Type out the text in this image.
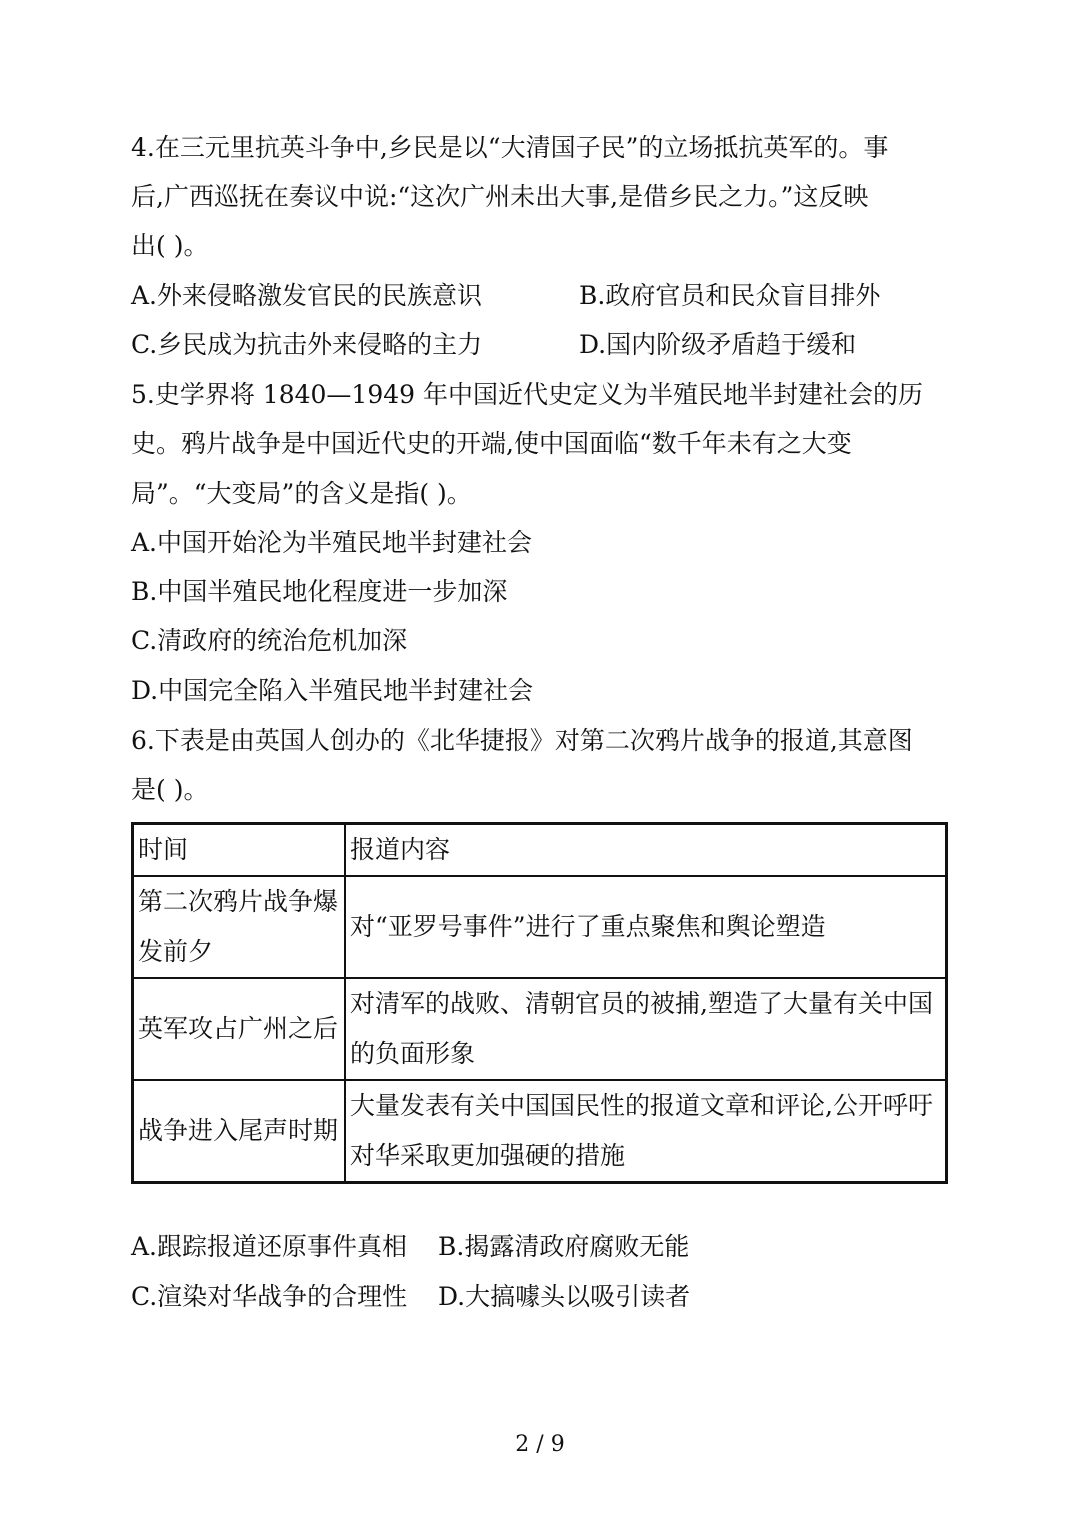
4.在三元里抗英斗争中,乡民是以“大清国子民”的立场抵抗英军的。事
后,广西巡抚在奏议中说:“这次广州未出大事,是借乡民之力。”这反映
出( )。
A.外来侵略激发官民的民族意识	B.政府官员和民众盲目排外
C.乡民成为抗击外来侵略的主力	D.国内阶级矛盾趋于缓和
5.史学界将 1840—1949 年中国近代史定义为半殖民地半封建社会的历
史。鸦片战争是中国近代史的开端,使中国面临“数千年未有之大变
局”。“大变局”的含义是指( )。
A.中国开始沦为半殖民地半封建社会
B.中国半殖民地化程度进一步加深
C.清政府的统治危机加深
D.中国完全陷入半殖民地半封建社会
6.下表是由英国人创办的《北华捷报》对第二次鸦片战争的报道,其意图
是( )。
时间	报道内容
第二次鸦片战争爆发前夕	对“亚罗号事件”进行了重点聚焦和舆论塑造
英军攻占广州之后	对清军的战败、清朝官员的被捕,塑造了大量有关中国的负面形象
战争进入尾声时期	大量发表有关中国国民性的报道文章和评论,公开呼吁对华采取更加强硬的措施
A.跟踪报道还原事件真相 B.揭露清政府腐败无能
C.渲染对华战争的合理性 D.大搞噱头以吸引读者
2 / 9
